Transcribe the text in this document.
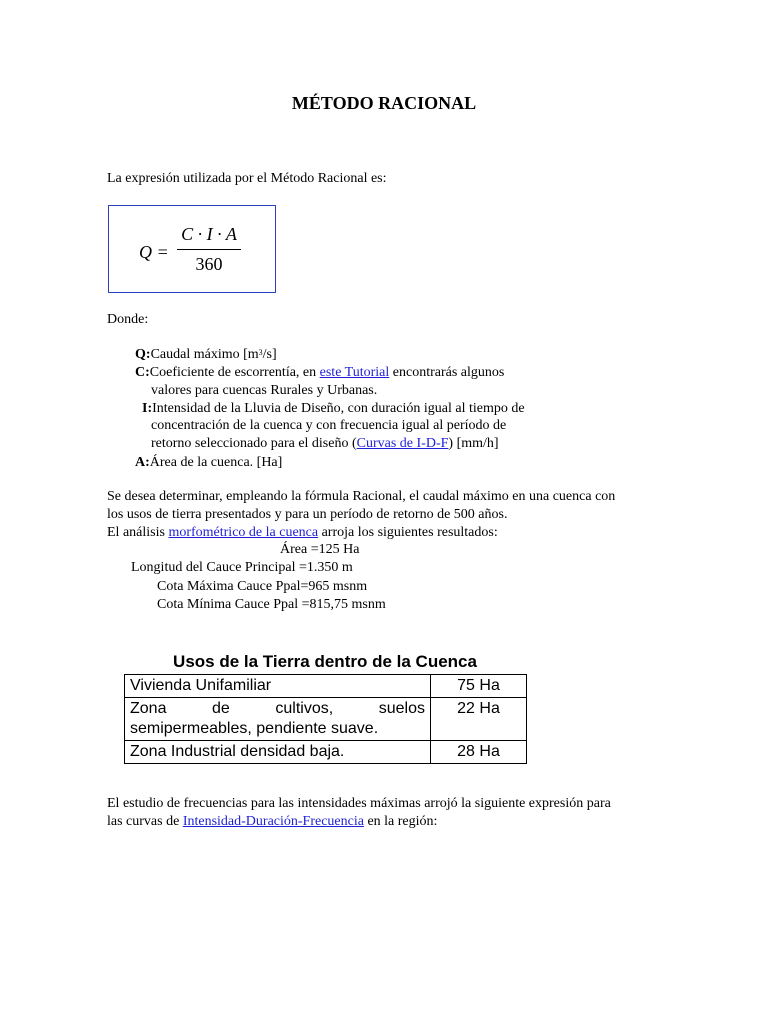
MÉTODO RACIONAL
La expresión utilizada por el Método Racional es:
Q =
C · I · A
360
Donde:
Q:Caudal máximo $[m^3/s]$
C:Coeficiente de escorrentía, en este Tutorial encontrarás algunos
valores para cuencas Rurales y Urbanas.
I:Intensidad de la Lluvia de Diseño, con duración igual al tiempo de
concentración de la cuenca y con frecuencia igual al período de
retorno seleccionado para el diseño (Curvas de I-D-F) [mm/h]
A:Área de la cuenca. [Ha]
Se desea determinar, empleando la fórmula Racional, el caudal máximo en una cuenca con
los usos de tierra presentados y para un período de retorno de 500 años.
El análisis morfométrico de la cuenca arroja los siguientes resultados:
Área =125 Ha
Longitud del Cauce Principal =1.350 m
Cota Máxima Cauce Ppal=965 msnm
Cota Mínima Cauce Ppal =815,75 msnm
Usos de la Tierra dentro de la Cuenca
Vivienda Unifamiliar	75 Ha
Zona de cultivos, suelos semipermeables, pendiente suave.	22 Ha
Zona Industrial densidad baja.	28 Ha
El estudio de frecuencias para las intensidades máximas arrojó la siguiente expresión para
las curvas de Intensidad-Duración-Frecuencia en la región:
